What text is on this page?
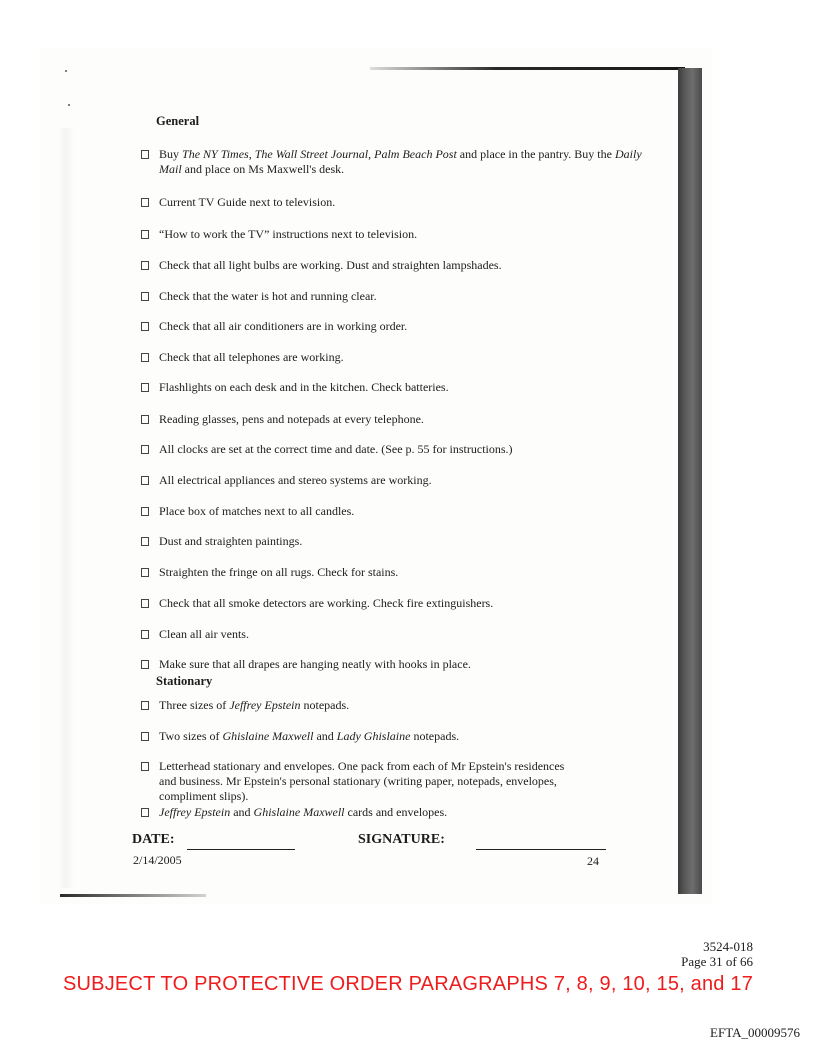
General
Buy The NY Times, The Wall Street Journal, Palm Beach Post and place in the pantry. Buy the Daily Mail and place on Ms Maxwell's desk.
Current TV Guide next to television.
“How to work the TV” instructions next to television.
Check that all light bulbs are working. Dust and straighten lampshades.
Check that the water is hot and running clear.
Check that all air conditioners are in working order.
Check that all telephones are working.
Flashlights on each desk and in the kitchen. Check batteries.
Reading glasses, pens and notepads at every telephone.
All clocks are set at the correct time and date. (See p. 55 for instructions.)
All electrical appliances and stereo systems are working.
Place box of matches next to all candles.
Dust and straighten paintings.
Straighten the fringe on all rugs. Check for stains.
Check that all smoke detectors are working. Check fire extinguishers.
Clean all air vents.
Make sure that all drapes are hanging neatly with hooks in place.
Stationary
Three sizes of Jeffrey Epstein notepads.
Two sizes of Ghislaine Maxwell and Lady Ghislaine notepads.
Letterhead stationary and envelopes. One pack from each of Mr Epstein's residences and business. Mr Epstein's personal stationary (writing paper, notepads, envelopes, compliment slips).
Jeffrey Epstein and Ghislaine Maxwell cards and envelopes.
DATE:	SIGNATURE:
2/14/2005	24
3524-018
Page 31 of 66
SUBJECT TO PROTECTIVE ORDER PARAGRAPHS 7, 8, 9, 10, 15, and 17
EFTA_00009576
